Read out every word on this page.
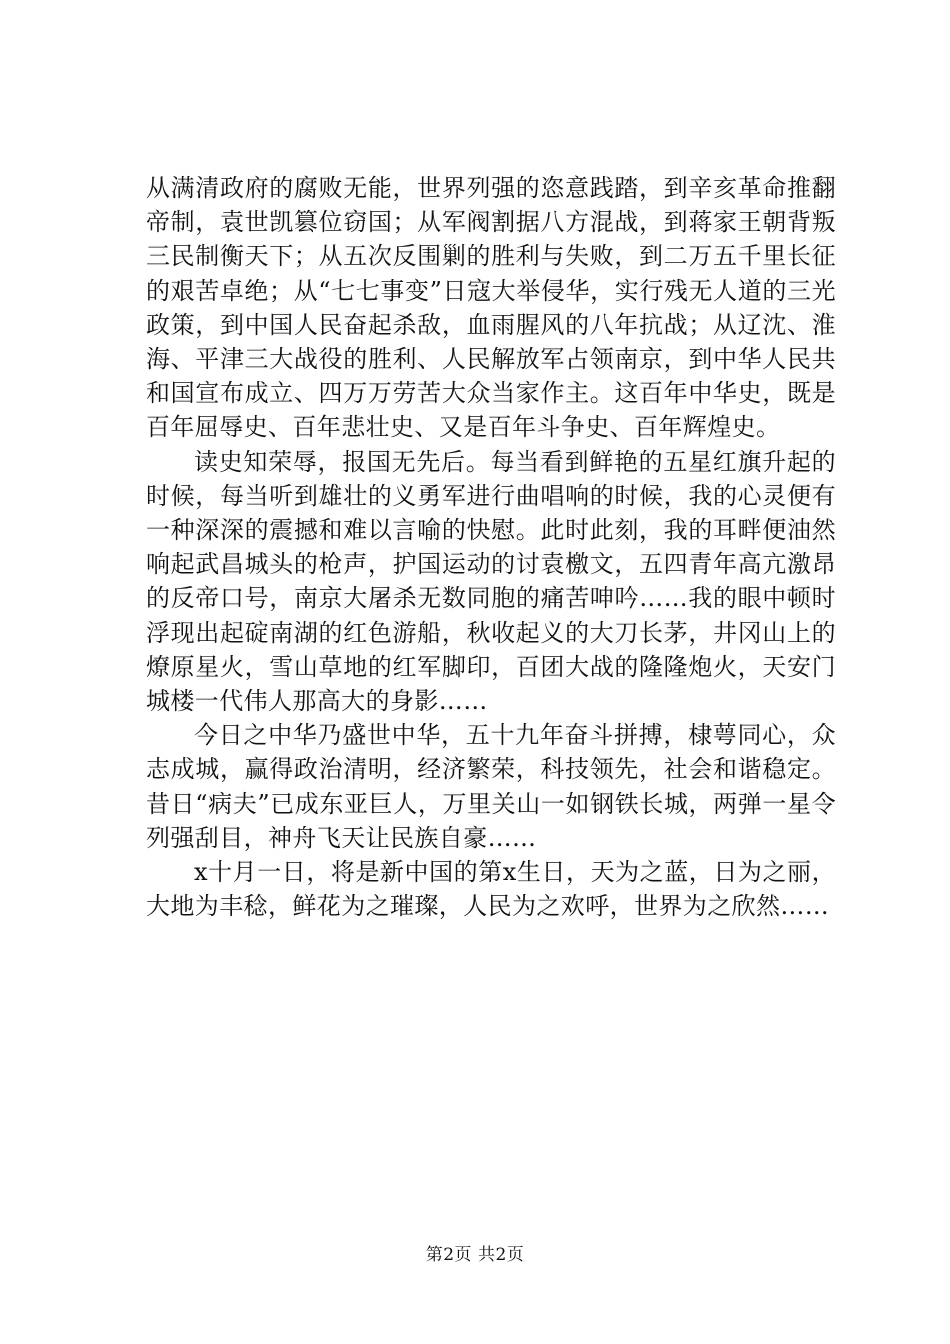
从满清政府的腐败无能，世界列强的恣意践踏，到辛亥革命推翻帝制，袁世凯篡位窃国；从军阀割据八方混战，到蒋家王朝背叛三民制衡天下；从五次反围剿的胜利与失败，到二万五千里长征的艰苦卓绝；从“七七事变”日寇大举侵华，实行残无人道的三光政策，到中国人民奋起杀敌，血雨腥风的八年抗战；从辽沈、淮海、平津三大战役的胜利、人民解放军占领南京，到中华人民共和国宣布成立、四万万劳苦大众当家作主。这百年中华史，既是百年屈辱史、百年悲壮史、又是百年斗争史、百年辉煌史。

读史知荣辱，报国无先后。每当看到鲜艳的五星红旗升起的时候，每当听到雄壮的义勇军进行曲唱响的时候，我的心灵便有一种深深的震撼和难以言喻的快慰。此时此刻，我的耳畔便油然响起武昌城头的枪声，护国运动的讨袁檄文，五四青年高亢激昂的反帝口号，南京大屠杀无数同胞的痛苦呻吟……我的眼中顿时浮现出起碇南湖的红色游船，秋收起义的大刀长茅，井冈山上的燎原星火，雪山草地的红军脚印，百团大战的隆隆炮火，天安门城楼一代伟人那高大的身影……

今日之中华乃盛世中华，五十九年奋斗拼搏，棣萼同心，众志成城，赢得政治清明，经济繁荣，科技领先，社会和谐稳定。昔日“病夫”已成东亚巨人，万里关山一如钢铁长城，两弹一星令列强刮目，神舟飞天让民族自豪……

x十月一日，将是新中国的第x生日，天为之蓝，日为之丽，大地为丰稔，鲜花为之璀璨，人民为之欢呼，世界为之欣然……

第2页 共2页
